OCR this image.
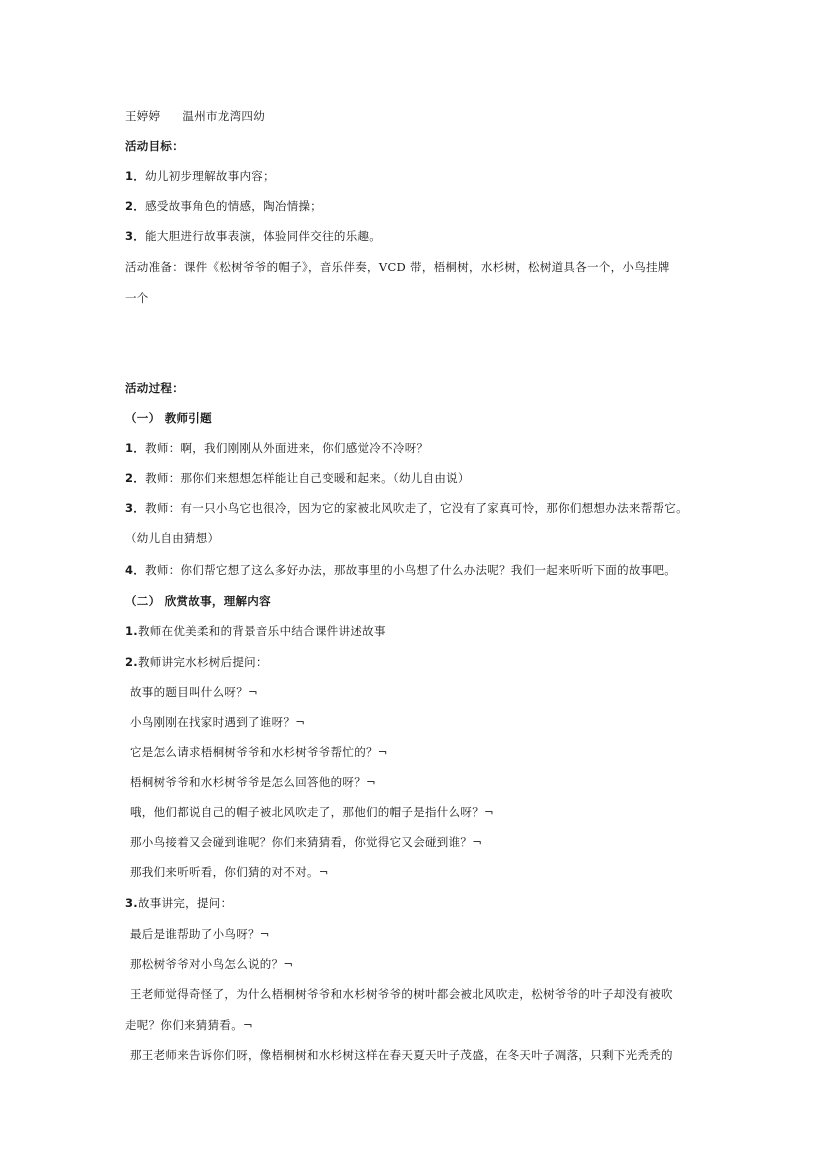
王婷婷 温州市龙湾四幼
活动目标：
1．幼儿初步理解故事内容；
2．感受故事角色的情感，陶冶情操；
3．能大胆进行故事表演，体验同伴交往的乐趣。
活动准备：课件《松树爷爷的帽子》，音乐伴奏，VCD 带，梧桐树，水杉树，松树道具各一个，小鸟挂牌
一个
活动过程：
（一） 教师引题
1．教师：啊，我们刚刚从外面进来，你们感觉冷不冷呀？
2．教师：那你们来想想怎样能让自己变暖和起来。（幼儿自由说）
3．教师：有一只小鸟它也很冷，因为它的家被北风吹走了，它没有了家真可怜，那你们想想办法来帮帮它。
（幼儿自由猜想）
4．教师：你们帮它想了这么多好办法，那故事里的小鸟想了什么办法呢？我们一起来听听下面的故事吧。
（二） 欣赏故事，理解内容
1.教师在优美柔和的背景音乐中结合课件讲述故事
2.教师讲完水杉树后提问：
故事的题目叫什么呀？¬
小鸟刚刚在找家时遇到了谁呀？¬
它是怎么请求梧桐树爷爷和水杉树爷爷帮忙的？¬
梧桐树爷爷和水杉树爷爷是怎么回答他的呀？¬
哦，他们都说自己的帽子被北风吹走了，那他们的帽子是指什么呀？¬
那小鸟接着又会碰到谁呢？你们来猜猜看，你觉得它又会碰到谁？¬
那我们来听听看，你们猜的对不对。¬
3.故事讲完，提问：
最后是谁帮助了小鸟呀？¬
那松树爷爷对小鸟怎么说的？¬
王老师觉得奇怪了，为什么梧桐树爷爷和水杉树爷爷的树叶都会被北风吹走，松树爷爷的叶子却没有被吹
走呢？你们来猜猜看。¬
那王老师来告诉你们呀，像梧桐树和水杉树这样在春天夏天叶子茂盛，在冬天叶子凋落，只剩下光秃秃的
